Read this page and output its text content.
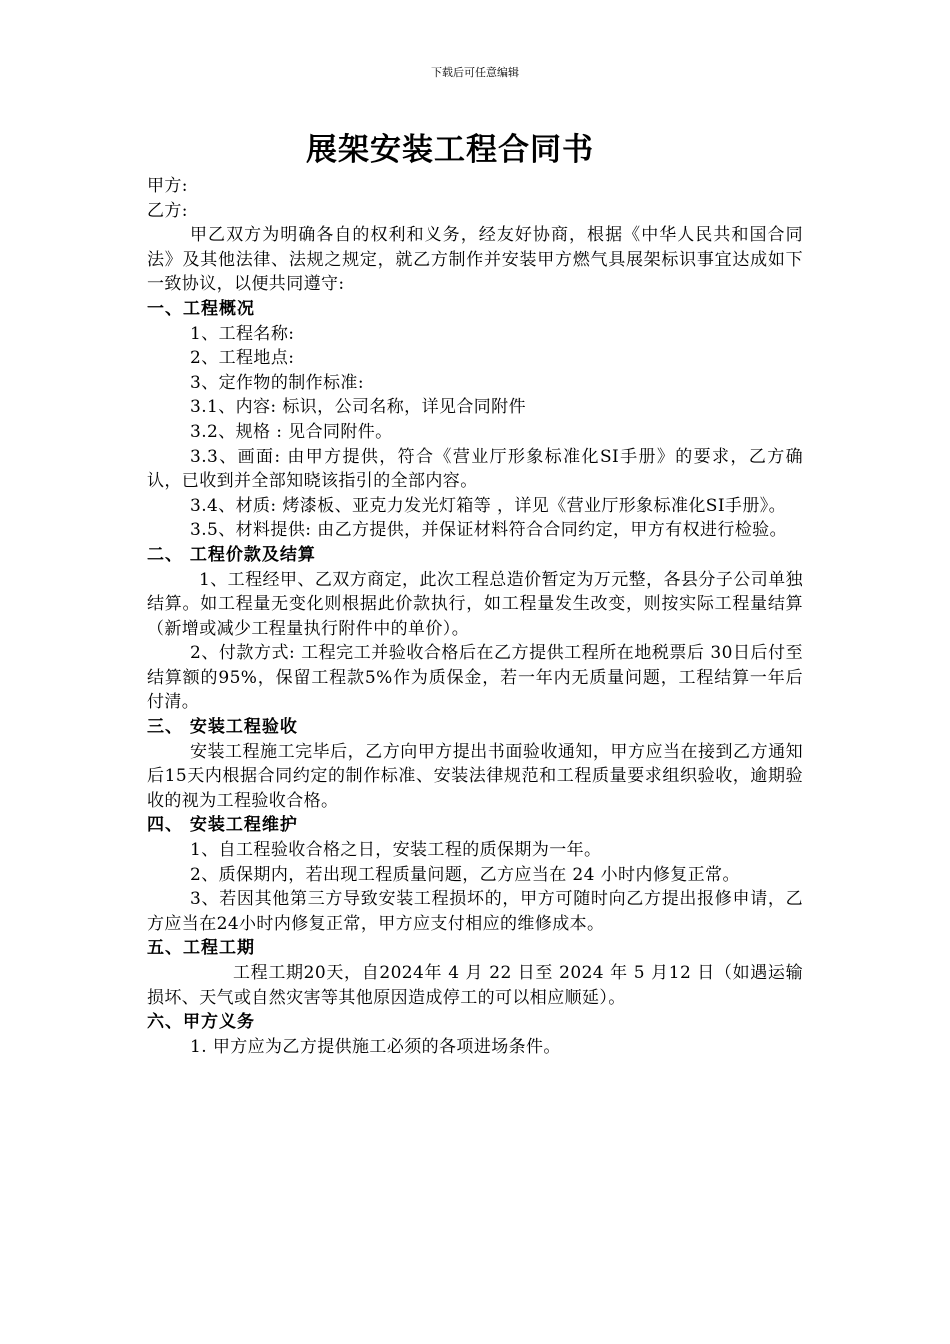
下载后可任意编辑
展架安装工程合同书

甲方:

乙方:

甲乙双方为明确各自的权利和义务，经友好协商，根据《中华人民共和国合同法》及其他法律、法规之规定，就乙方制作并安装甲方燃气具展架标识事宜达成如下一致协议，以便共同遵守:

一、工程概况

1、工程名称:

2、工程地点:

3、定作物的制作标准:

3.1、内容: 标识，公司名称，详见合同附件

3.2、规格 : 见合同附件。

3.3、画面: 由甲方提供，符合《营业厅形象标准化SI手册》的要求，乙方确认，已收到并全部知晓该指引的全部内容。

3.4、材质: 烤漆板、亚克力发光灯箱等 ，详见《营业厅形象标准化SI手册》。

3.5、材料提供: 由乙方提供，并保证材料符合合同约定，甲方有权进行检验。

二、 工程价款及结算

1、工程经甲、乙双方商定，此次工程总造价暂定为万元整，各县分子公司单独结算。如工程量无变化则根据此价款执行，如工程量发生改变，则按实际工程量结算（新增或减少工程量执行附件中的单价）。

2、付款方式: 工程完工并验收合格后在乙方提供工程所在地税票后 30日后付至结算额的95%，保留工程款5%作为质保金，若一年内无质量问题，工程结算一年后付清。

三、 安装工程验收

安装工程施工完毕后，乙方向甲方提出书面验收通知，甲方应当在接到乙方通知后15天内根据合同约定的制作标准、安装法律规范和工程质量要求组织验收，逾期验收的视为工程验收合格。

四、 安装工程维护

1、自工程验收合格之日，安装工程的质保期为一年。

2、质保期内，若出现工程质量问题，乙方应当在 24 小时内修复正常。

3、若因其他第三方导致安装工程损坏的，甲方可随时向乙方提出报修申请，乙方应当在24小时内修复正常，甲方应支付相应的维修成本。

五、工程工期

工程工期20天，自2024年 4 月 22 日至 2024 年 5 月12 日（如遇运输损坏、天气或自然灾害等其他原因造成停工的可以相应顺延）。

六、甲方义务

1. 甲方应为乙方提供施工必须的各项进场条件。
